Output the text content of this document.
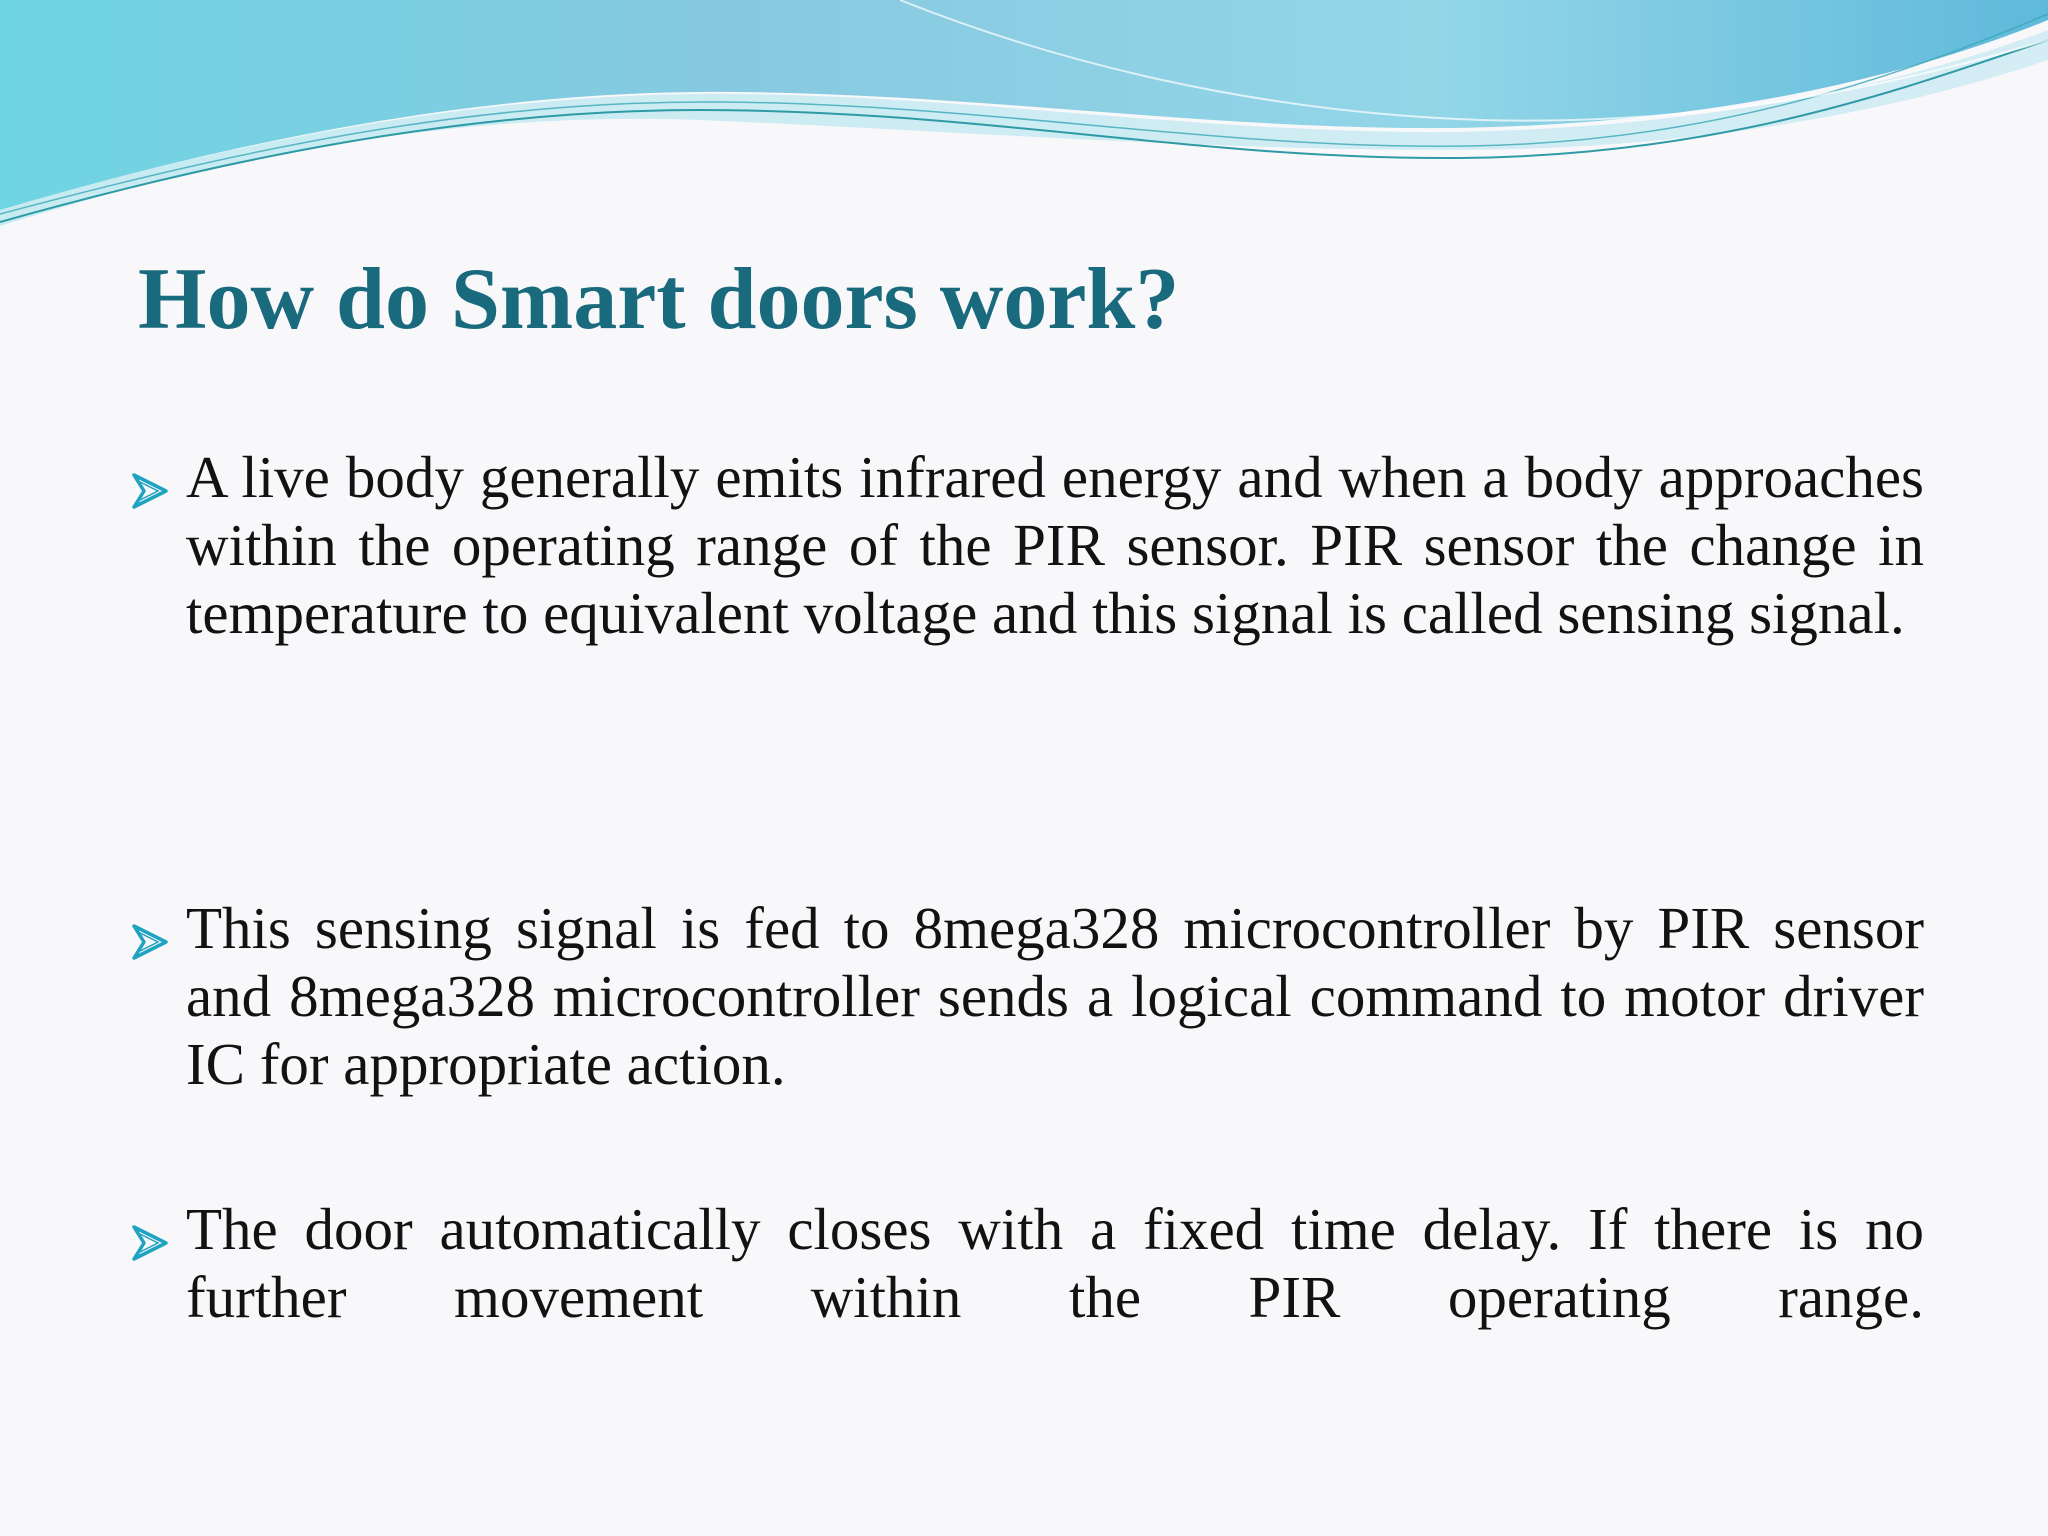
How do Smart doors work?
A live body generally emits infrared energy and when a body approaches within the operating range of the PIR sensor. PIR sensor the change in temperature to equivalent voltage and this signal is called sensing signal.
This sensing signal is fed to 8mega328 microcontroller by PIR sensor and 8mega328 microcontroller sends a logical command to motor driver IC for appropriate action.
The door automatically closes with a fixed time delay. If there is no further movement within the PIR operating range.
